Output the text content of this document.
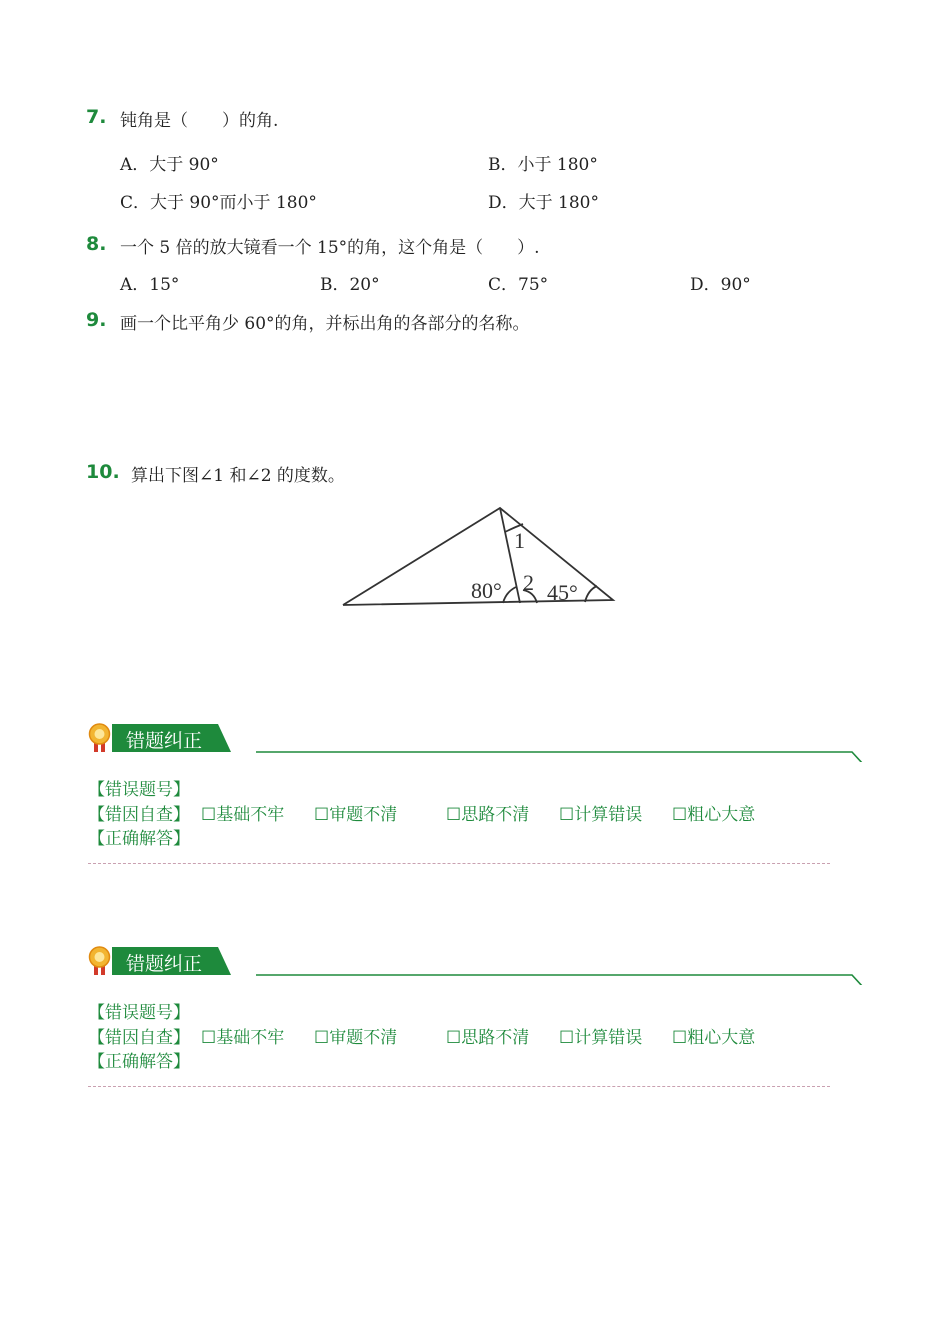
7. 钝角是（　　）的角.
A．大于 90°	B．小于 180°
C．大于 90°而小于 180°	D．大于 180°
8. 一个 5 倍的放大镜看一个 15°的角，这个角是（　　）.
A．15°	B．20°	C．75°	D．90°
9. 画一个比平角少 60°的角，并标出角的各部分的名称。
10. 算出下图∠1 和∠2 的度数。
1
2
80° 45°
错题纠正
【错误题号】
【错因自查】 ☐基础不牢 ☐审题不清	☐思路不清 ☐计算错误 ☐粗心大意
【正确解答】
错题纠正
【错误题号】
【错因自查】 ☐基础不牢 ☐审题不清	☐思路不清 ☐计算错误 ☐粗心大意
【正确解答】
